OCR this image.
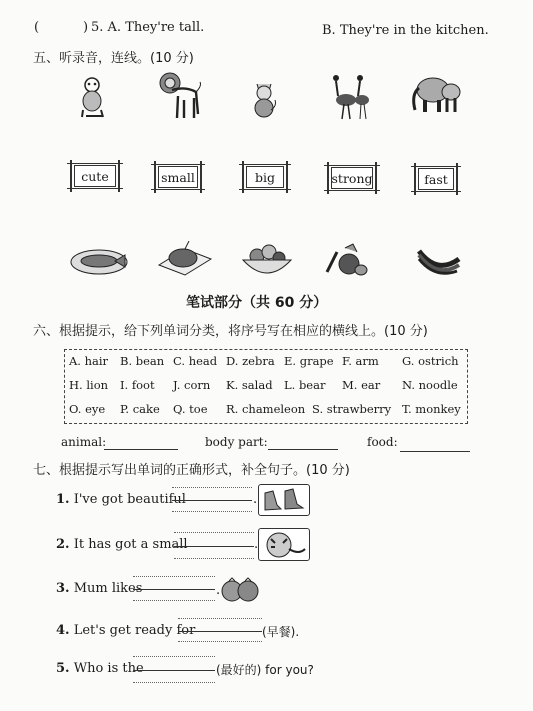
(	) 5. A. They're tall.	B. They're in the kitchen.
五、听录音，连线。(10 分)
cute	small	big	strong	fast
笔试部分（共 60 分）
六、根据提示，给下列单词分类，将序号写在相应的横线上。(10 分)
A. hair B. bean C. head D. zebra E. grape F. arm G. ostrich
H. lion I. foot J. corn K. salad L. bear M. ear N. noodle
O. eye P. cake Q. toe R. chameleon S. strawberry T. monkey
animal:	body part:	food:
七、根据提示写出单词的正确形式，补全句子。(10 分)
1. I've got beautiful	.
2. It has got a small	.
3. Mum likes	.
4. Let's get ready for	(早餐).
5. Who is the	(最好的) for you?
